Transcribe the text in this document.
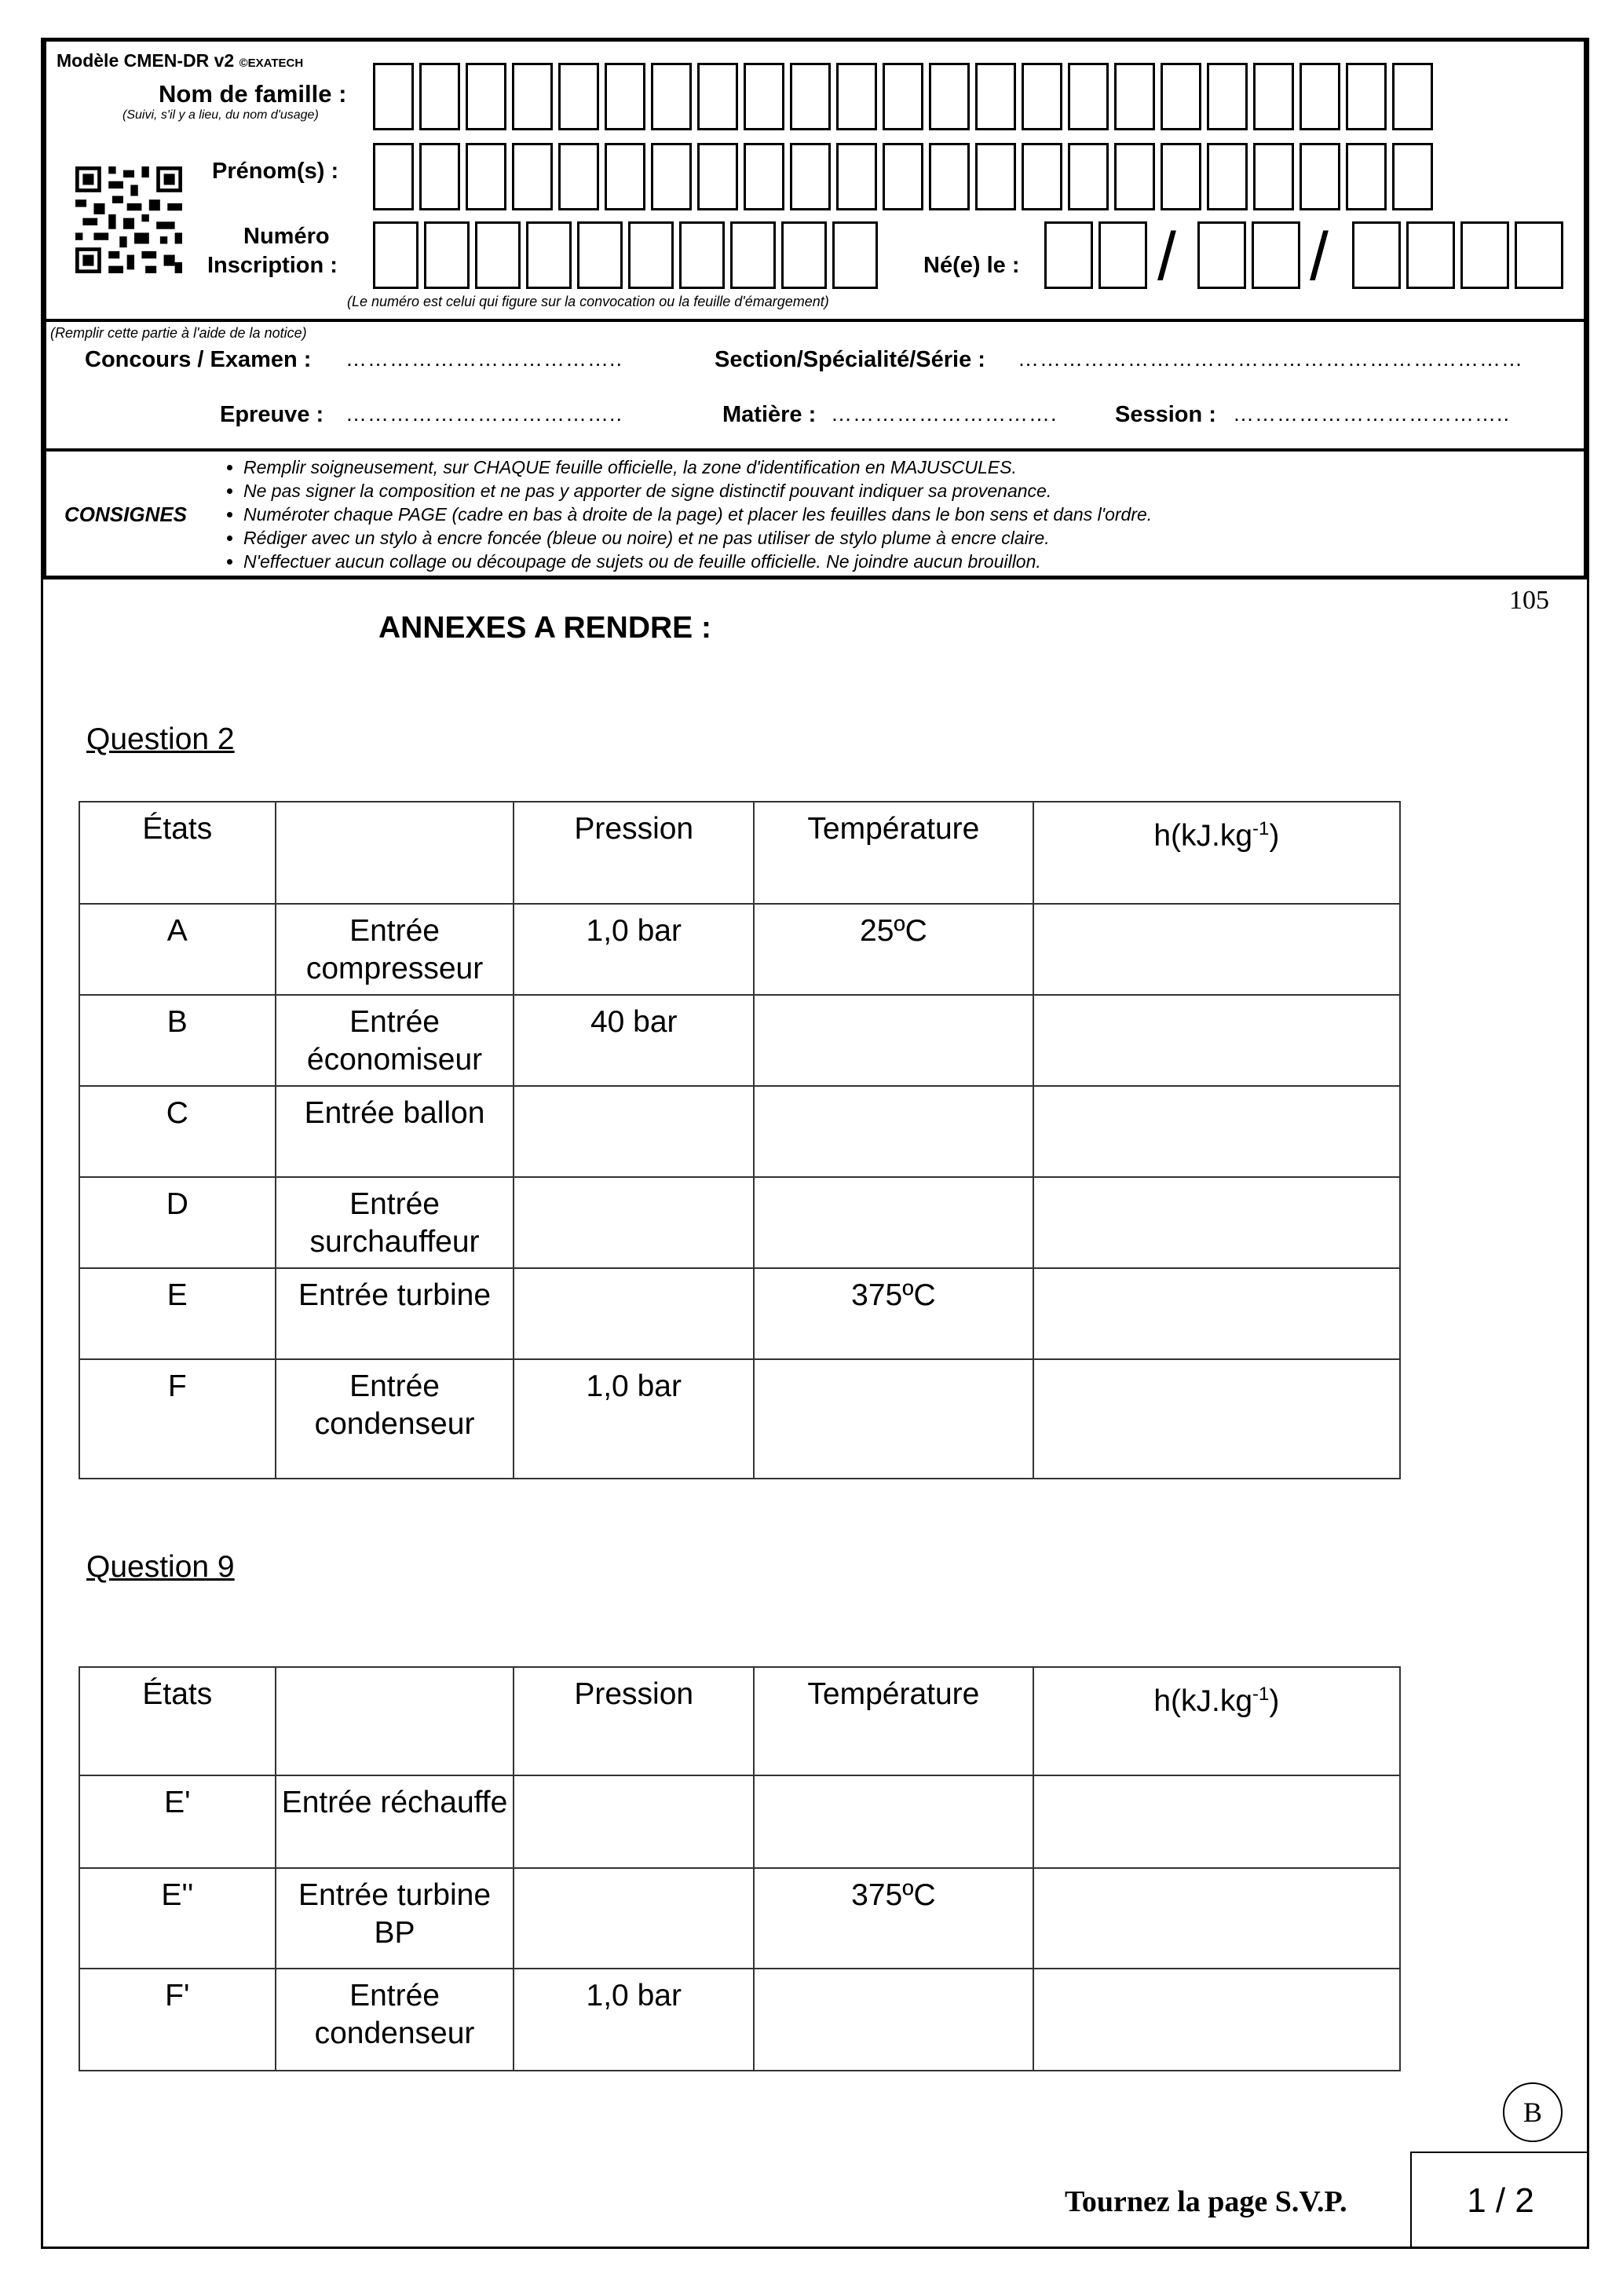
Modèle CMEN-DR v2 ©EXATECH
Nom de famille :
(Suivi, s'il y a lieu, du nom d'usage)
Prénom(s) :
Numéro
Inscription :	Né(e) le : / /
(Le numéro est celui qui figure sur la convocation ou la feuille d'émargement)
(Remplir cette partie à l'aide de la notice)
Concours / Examen : ………………………………..	Section/Spécialité/Série : ……………………………………………………………
Epreuve : ………………………………..	Matière : ………………………….	Session : ………………………………..
CONSIGNES
• Remplir soigneusement, sur CHAQUE feuille officielle, la zone d'identification en MAJUSCULES.
• Ne pas signer la composition et ne pas y apporter de signe distinctif pouvant indiquer sa provenance.
• Numéroter chaque PAGE (cadre en bas à droite de la page) et placer les feuilles dans le bon sens et dans l'ordre.
• Rédiger avec un stylo à encre foncée (bleue ou noire) et ne pas utiliser de stylo plume à encre claire.
• N'effectuer aucun collage ou découpage de sujets ou de feuille officielle. Ne joindre aucun brouillon.
105
ANNEXES A RENDRE :
Question 2
États		Pression	Température	$h(kJ.kg^{-1})$
A	Entrée compresseur	1,0 bar	25ºC	
B	Entrée économiseur	40 bar		
C	Entrée ballon			
D	Entrée surchauffeur			
E	Entrée turbine		375ºC	
F	Entrée condenseur	1,0 bar		
Question 9
États		Pression	Température	$h(kJ.kg^{-1})$
E'	Entrée réchauffe			
E''	Entrée turbine BP		375ºC	
F'	Entrée condenseur	1,0 bar		
B
Tournez la page S.V.P.	1 / 2
